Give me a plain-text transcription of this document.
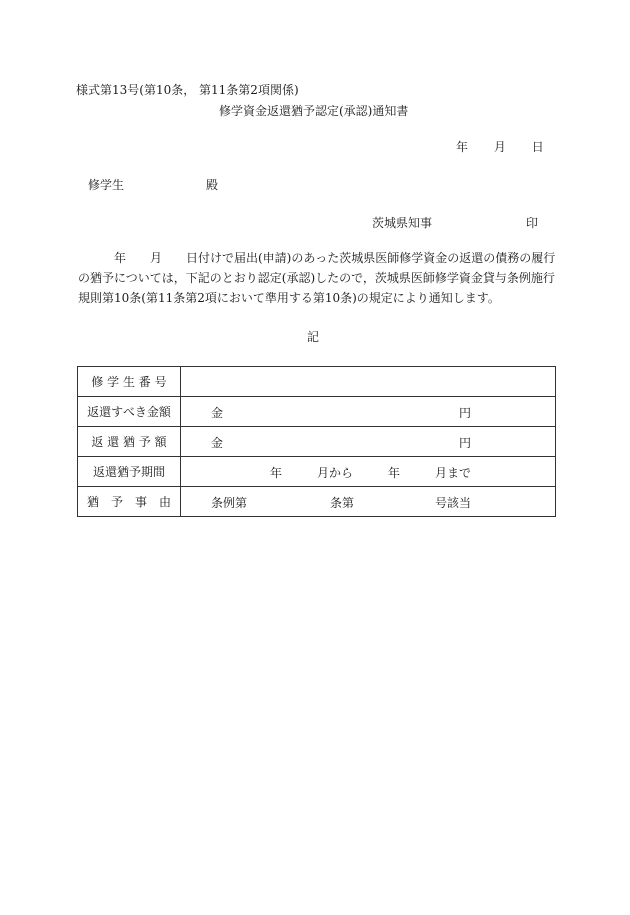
様式第13号(第10条， 第11条第2項関係)
修学資金返還猶予認定(承認)通知書
年 月 日
修学生	殿
茨城県知事	印
　　　年　　月　　日付けで届出(申請)のあった茨城県医師修学資金の返還の債務の履行
の猶予については，下記のとおり認定(承認)したので，茨城県医師修学資金貸与条例施行
規則第10条(第11条第2項において準用する第10条)の規定により通知します。
記
修 学 生 番 号	

返還すべき金額	金 円

返 還 猶 予 額	金 円

返還猶予期間	年 月から 年 月まで

猶　予　事　由	条例第 条第 号該当
